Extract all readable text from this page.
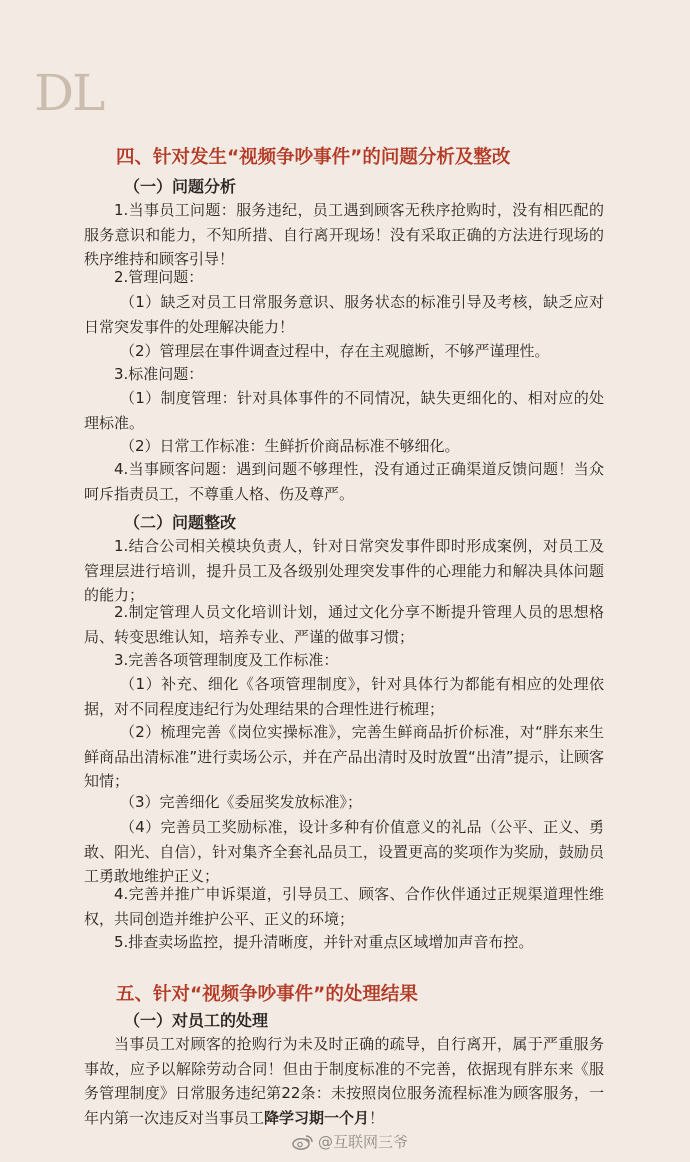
DL
四、针对发生“视频争吵事件”的问题分析及整改
（一）问题分析
1.当事员工问题：服务违纪，员工遇到顾客无秩序抢购时，没有相匹配的服务意识和能力，不知所措、自行离开现场！没有采取正确的方法进行现场的秩序维持和顾客引导！
2.管理问题：
（1）缺乏对员工日常服务意识、服务状态的标准引导及考核，缺乏应对日常突发事件的处理解决能力！
（2）管理层在事件调查过程中，存在主观臆断，不够严谨理性。
3.标准问题：
（1）制度管理：针对具体事件的不同情况，缺失更细化的、相对应的处理标准。
（2）日常工作标准：生鲜折价商品标准不够细化。
4.当事顾客问题：遇到问题不够理性，没有通过正确渠道反馈问题！当众呵斥指责员工，不尊重人格、伤及尊严。
（二）问题整改
1.结合公司相关模块负责人，针对日常突发事件即时形成案例，对员工及管理层进行培训，提升员工及各级别处理突发事件的心理能力和解决具体问题的能力；
2.制定管理人员文化培训计划，通过文化分享不断提升管理人员的思想格局、转变思维认知，培养专业、严谨的做事习惯；
3.完善各项管理制度及工作标准：
（1）补充、细化《各项管理制度》，针对具体行为都能有相应的处理依据，对不同程度违纪行为处理结果的合理性进行梳理；
（2）梳理完善《岗位实操标准》，完善生鲜商品折价标准，对“胖东来生鲜商品出清标准”进行卖场公示，并在产品出清时及时放置“出清”提示，让顾客知情；
（3）完善细化《委屈奖发放标准》；
（4）完善员工奖励标准，设计多种有价值意义的礼品（公平、正义、勇敢、阳光、自信），针对集齐全套礼品员工，设置更高的奖项作为奖励，鼓励员工勇敢地维护正义；
4.完善并推广申诉渠道，引导员工、顾客、合作伙伴通过正规渠道理性维权，共同创造并维护公平、正义的环境；
5.排查卖场监控，提升清晰度，并针对重点区域增加声音布控。
五、针对“视频争吵事件”的处理结果
（一）对员工的处理
当事员工对顾客的抢购行为未及时正确的疏导，自行离开，属于严重服务事故，应予以解除劳动合同！但由于制度标准的不完善，依据现有胖东来《服务管理制度》日常服务违纪第22条：未按照岗位服务流程标准为顾客服务，一年内第一次违反对当事员工降学习期一个月！
@互联网三爷
